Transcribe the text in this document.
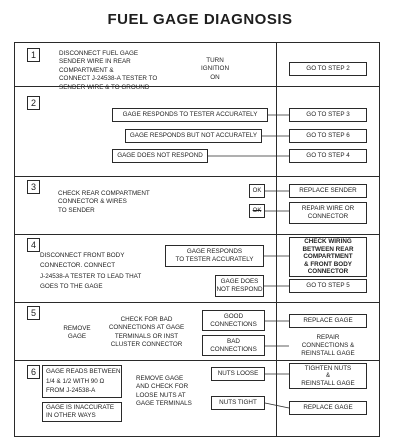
FUEL GAGE DIAGNOSIS
1	DISCONNECT FUEL GAGE
SENDER WIRE IN REAR
COMPARTMENT &
CONNECT J-24538-A TESTER TO
SENDER WIRE & TO GROUND
TURN
IGNITION
ON
GO TO STEP 2
2
GAGE RESPONDS TO TESTER ACCURATELY	GO TO STEP 3
GAGE RESPONDS BUT NOT ACCURATELY	GO TO STEP 6
GAGE DOES NOT RESPOND	GO TO STEP 4
3
CHECK REAR COMPARTMENT
CONNECTOR & WIRES
TO SENDER
OK
OK
REPLACE SENDER
REPAIR WIRE OR
CONNECTOR
4
DISCONNECT FRONT BODY
CONNECTOR. CONNECT
J-24538-A TESTER TO LEAD THAT
GOES TO THE GAGE
GAGE RESPONDS
TO TESTER ACCURATELY
CHECK WIRING
BETWEEN REAR
COMPARTMENT
& FRONT BODY
CONNECTOR
GAGE DOES
NOT RESPOND
GO TO STEP 5
5
REMOVE
GAGE
CHECK FOR BAD
CONNECTIONS AT GAGE
TERMINALS OR INST
CLUSTER CONNECTOR
GOOD
CONNECTIONS	REPLACE GAGE
BAD
CONNECTIONS
REPAIR
CONNECTIONS &
REINSTALL GAGE
6	GAGE READS BETWEEN
1/4 & 1/2 WITH 90 Ω
FROM J-24538-A
GAGE IS INACCURATE
IN OTHER WAYS
REMOVE GAGE
AND CHECK FOR
LOOSE NUTS AT
GAGE TERMINALS
NUTS LOOSE
TIGHTEN NUTS
&
REINSTALL GAGE
NUTS TIGHT
REPLACE GAGE
